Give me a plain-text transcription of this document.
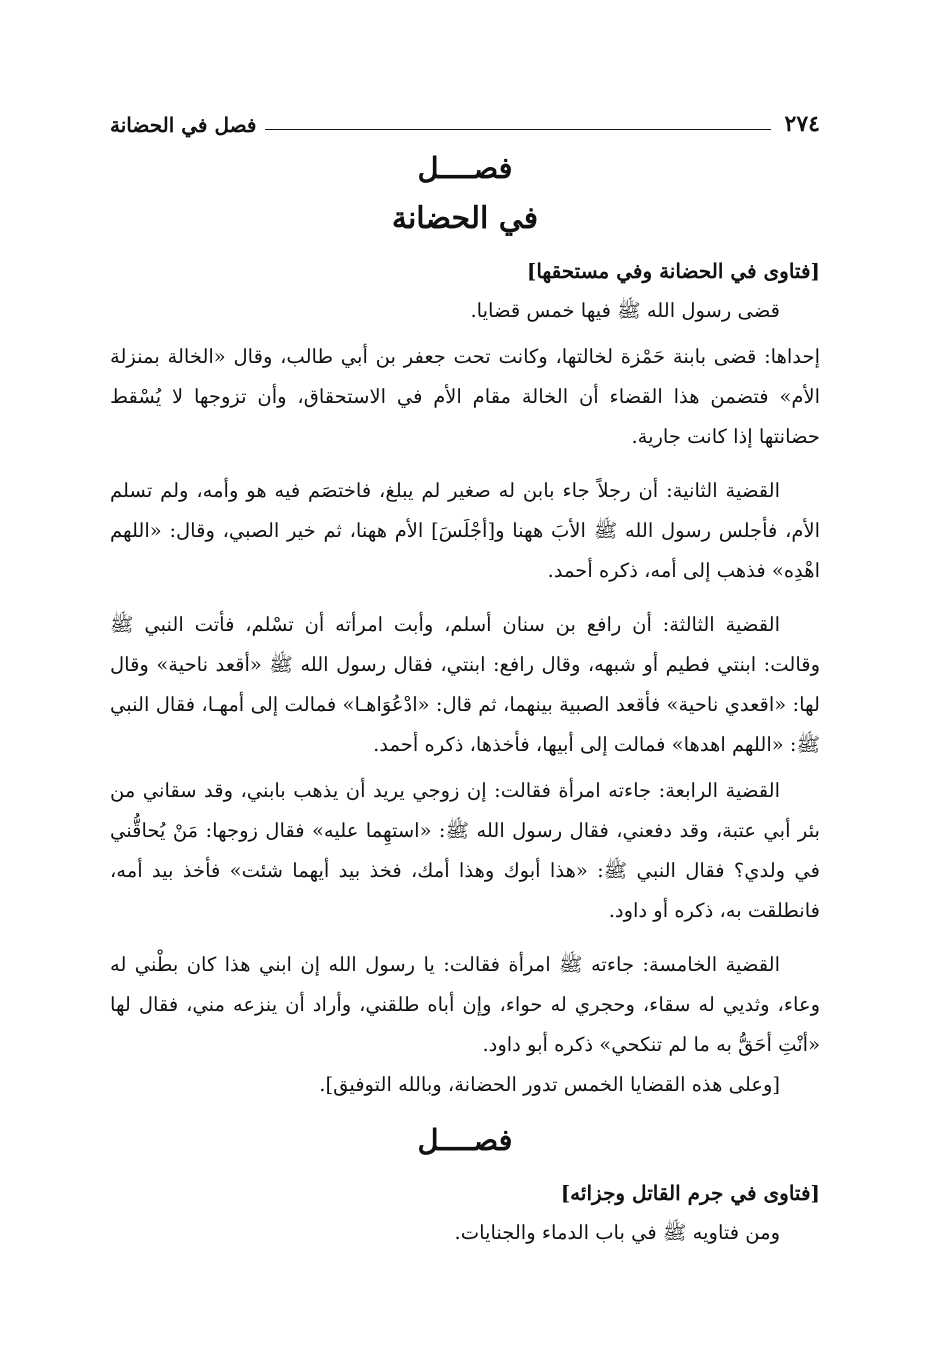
٢٧٤
فصل في الحضانة
فصــــل
في الحضانة
[فتاوى في الحضانة وفي مستحقها]

قضى رسول الله ﷺ فيها خمس قضايا.

إحداها: قضى بابنة حَمْزة لخالتها، وكانت تحت جعفر بن أبي طالب، وقال «الخالة بمنزلة الأم» فتضمن هذا القضاء أن الخالة مقام الأم في الاستحقاق، وأن تزوجها لا يُسْقط حضانتها إذا كانت جارية.

القضية الثانية: أن رجلاً جاء بابن له صغير لم يبلغ، فاختصَم فيه هو وأمه، ولم تسلم الأم، فأجلس رسول الله ﷺ الأبَ ههنا و[أجْلَسَ] الأم ههنا، ثم خير الصبي، وقال: «اللهم اهْدِه» فذهب إلى أمه، ذكره أحمد.

القضية الثالثة: أن رافع بن سنان أسلم، وأبت امرأته أن تسْلم، فأتت النبي ﷺ وقالت: ابنتي فطيم أو شبهه، وقال رافع: ابنتي، فقال رسول الله ﷺ «أقعد ناحية» وقال لها: «اقعدي ناحية» فأقعد الصبية بينهما، ثم قال: «ادْعُوَاهـا» فمالت إلى أمهـا، فقال النبي ﷺ: «اللهم اهدها» فمالت إلى أبيها، فأخذها، ذكره أحمد.

القضية الرابعة: جاءته امرأة فقالت: إن زوجي يريد أن يذهب بابني، وقد سقاني من بئر أبي عتبة، وقد دفعني، فقال رسول الله ﷺ: «استهِما عليه» فقال زوجها: مَنْ يُحاقُّني في ولدي؟ فقال النبي ﷺ: «هذا أبوك وهذا أمك، فخذ بيد أيهما شئت» فأخذ بيد أمه، فانطلقت به، ذكره أو داود.

القضية الخامسة: جاءته ﷺ امرأة فقالت: يا رسول الله إن ابني هذا كان بطْني له وعاء، وثديي له سقاء، وحجري له حواء، وإن أباه طلقني، وأراد أن ينزعه مني، فقال لها «أنْتِ أحَقُّ به ما لم تنكحي» ذكره أبو داود.

[وعلى هذه القضايا الخمس تدور الحضانة، وبالله التوفيق].

فصــــل
[فتاوى في جرم القاتل وجزائه]

ومن فتاويه ﷺ في باب الدماء والجنايات.
